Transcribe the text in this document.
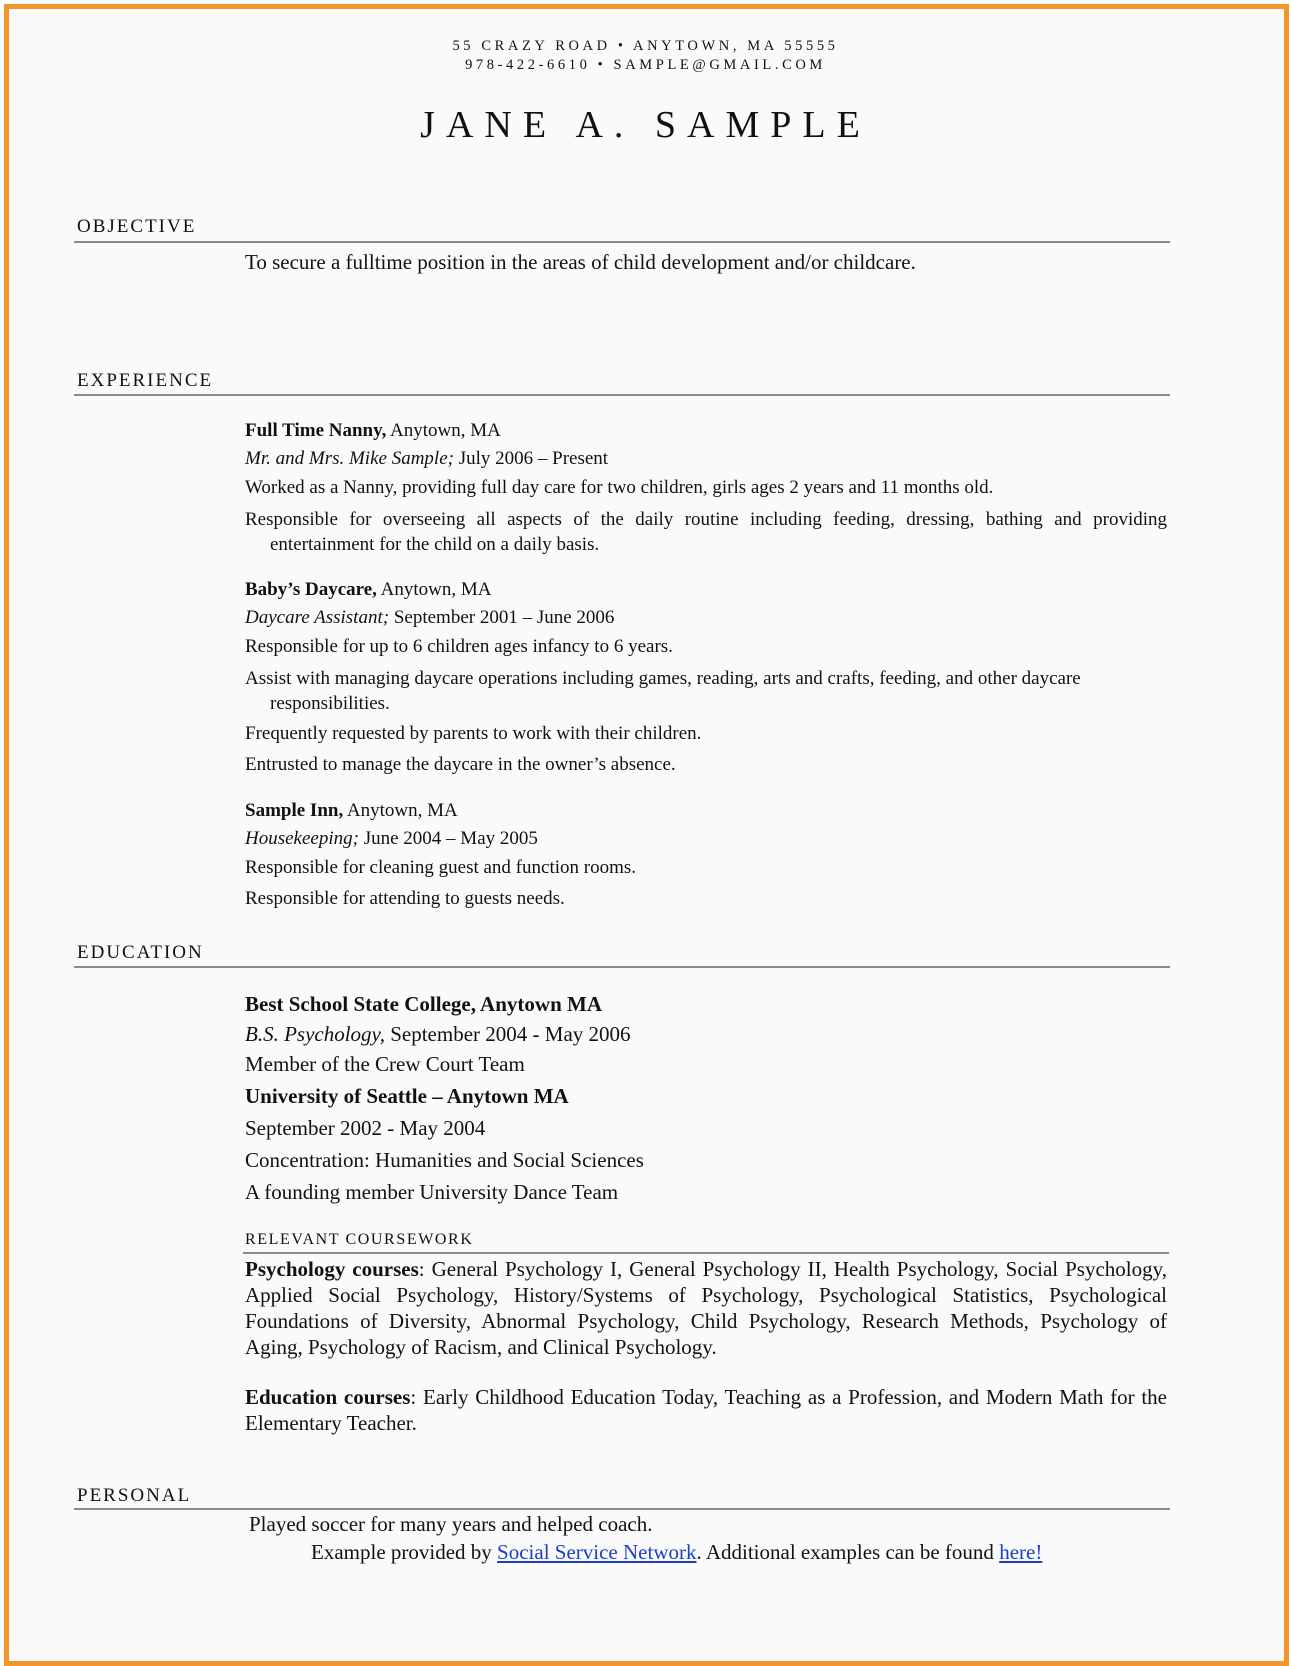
55 CRAZY ROAD • ANYTOWN, MA 55555
978-422-6610 • SAMPLE@GMAIL.COM
JANE A. SAMPLE
OBJECTIVE
To secure a fulltime position in the areas of child development and/or childcare.
EXPERIENCE
Full Time Nanny, Anytown, MA
Mr. and Mrs. Mike Sample; July 2006 – Present
Worked as a Nanny, providing full day care for two children, girls ages 2 years and 11 months old.
Responsible for overseeing all aspects of the daily routine including feeding, dressing, bathing and providing
entertainment for the child on a daily basis.
Baby’s Daycare, Anytown, MA
Daycare Assistant; September 2001 – June 2006
Responsible for up to 6 children ages infancy to 6 years.
Assist with managing daycare operations including games, reading, arts and crafts, feeding, and other daycare
responsibilities.
Frequently requested by parents to work with their children.
Entrusted to manage the daycare in the owner’s absence.
Sample Inn, Anytown, MA
Housekeeping; June 2004 – May 2005
Responsible for cleaning guest and function rooms.
Responsible for attending to guests needs.
EDUCATION
Best School State College, Anytown MA
B.S. Psychology, September 2004 - May 2006
Member of the Crew Court Team
University of Seattle – Anytown MA
September 2002 - May 2004
Concentration: Humanities and Social Sciences
A founding member University Dance Team
RELEVANT COURSEWORK
Psychology courses: General Psychology I, General Psychology II, Health Psychology, Social Psychology, Applied Social Psychology, History/Systems of Psychology, Psychological Statistics, Psychological Foundations of Diversity, Abnormal Psychology, Child Psychology, Research Methods, Psychology of Aging, Psychology of Racism, and Clinical Psychology.
Education courses: Early Childhood Education Today, Teaching as a Profession, and Modern Math for the Elementary Teacher.
PERSONAL
Played soccer for many years and helped coach.
Example provided by Social Service Network. Additional examples can be found here!
